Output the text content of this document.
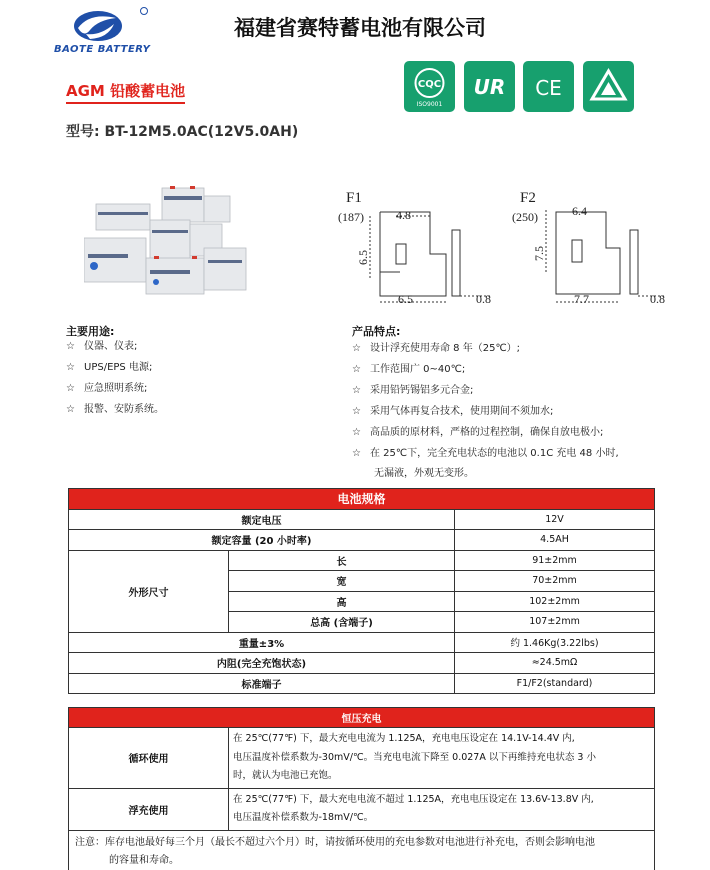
BAOTE BATTERY
福建省赛特蓄电池有限公司
AGM 铅酸蓄电池
型号: BT-12M5.0AC(12V5.0AH)
CQC
ISO9001
UR CE
F1
(187)	4.8
6.5
6.5	0.8
F2
(250)	6.4
7.5
7.7	0.8
主要用途:
☆ 仪器、仪表;
☆ UPS/EPS 电源;
☆ 应急照明系统;
☆ 报警、安防系统。
产品特点:
☆ 设计浮充使用寿命 8 年（25℃）;
☆ 工作范围广 0~40℃;
☆ 采用铅钙锡铝多元合金;
☆ 采用气体再复合技术，使用期间不须加水;
☆ 高品质的原材料，严格的过程控制，确保自放电极小;
☆ 在 25℃下，完全充电状态的电池以 0.1C 充电 48 小时,
无漏液，外观无变形。
电池规格		
额定电压		12V
额定容量 (20 小时率)		4.5AH
外形尺寸	长	91±2mm
	宽	70±2mm
	高	102±2mm
	总高 (含端子)	107±2mm
重量±3%		约 1.46Kg(3.22lbs)
内阻(完全充饱状态)		≈24.5mΩ
标准端子		F1/F2(standard)
恒压充电	
循环使用	在 25℃(77℉) 下，最大充电电流为 1.125A，充电电压设定在 14.1V-14.4V 内,
电压温度补偿系数为-30mV/℃。当充电电流下降至 0.027A 以下再维持充电状态 3 小
时，就认为电池已充饱。

浮充使用	在 25℃(77℉) 下，最大充电电流不超过 1.125A，充电电压设定在 13.6V-13.8V 内,
电压温度补偿系数为-18mV/℃。

注意：库存电池最好每三个月（最长不超过六个月）时，请按循环使用的充电参数对电池进行补充电，否则会影响电池
的容量和寿命。	
